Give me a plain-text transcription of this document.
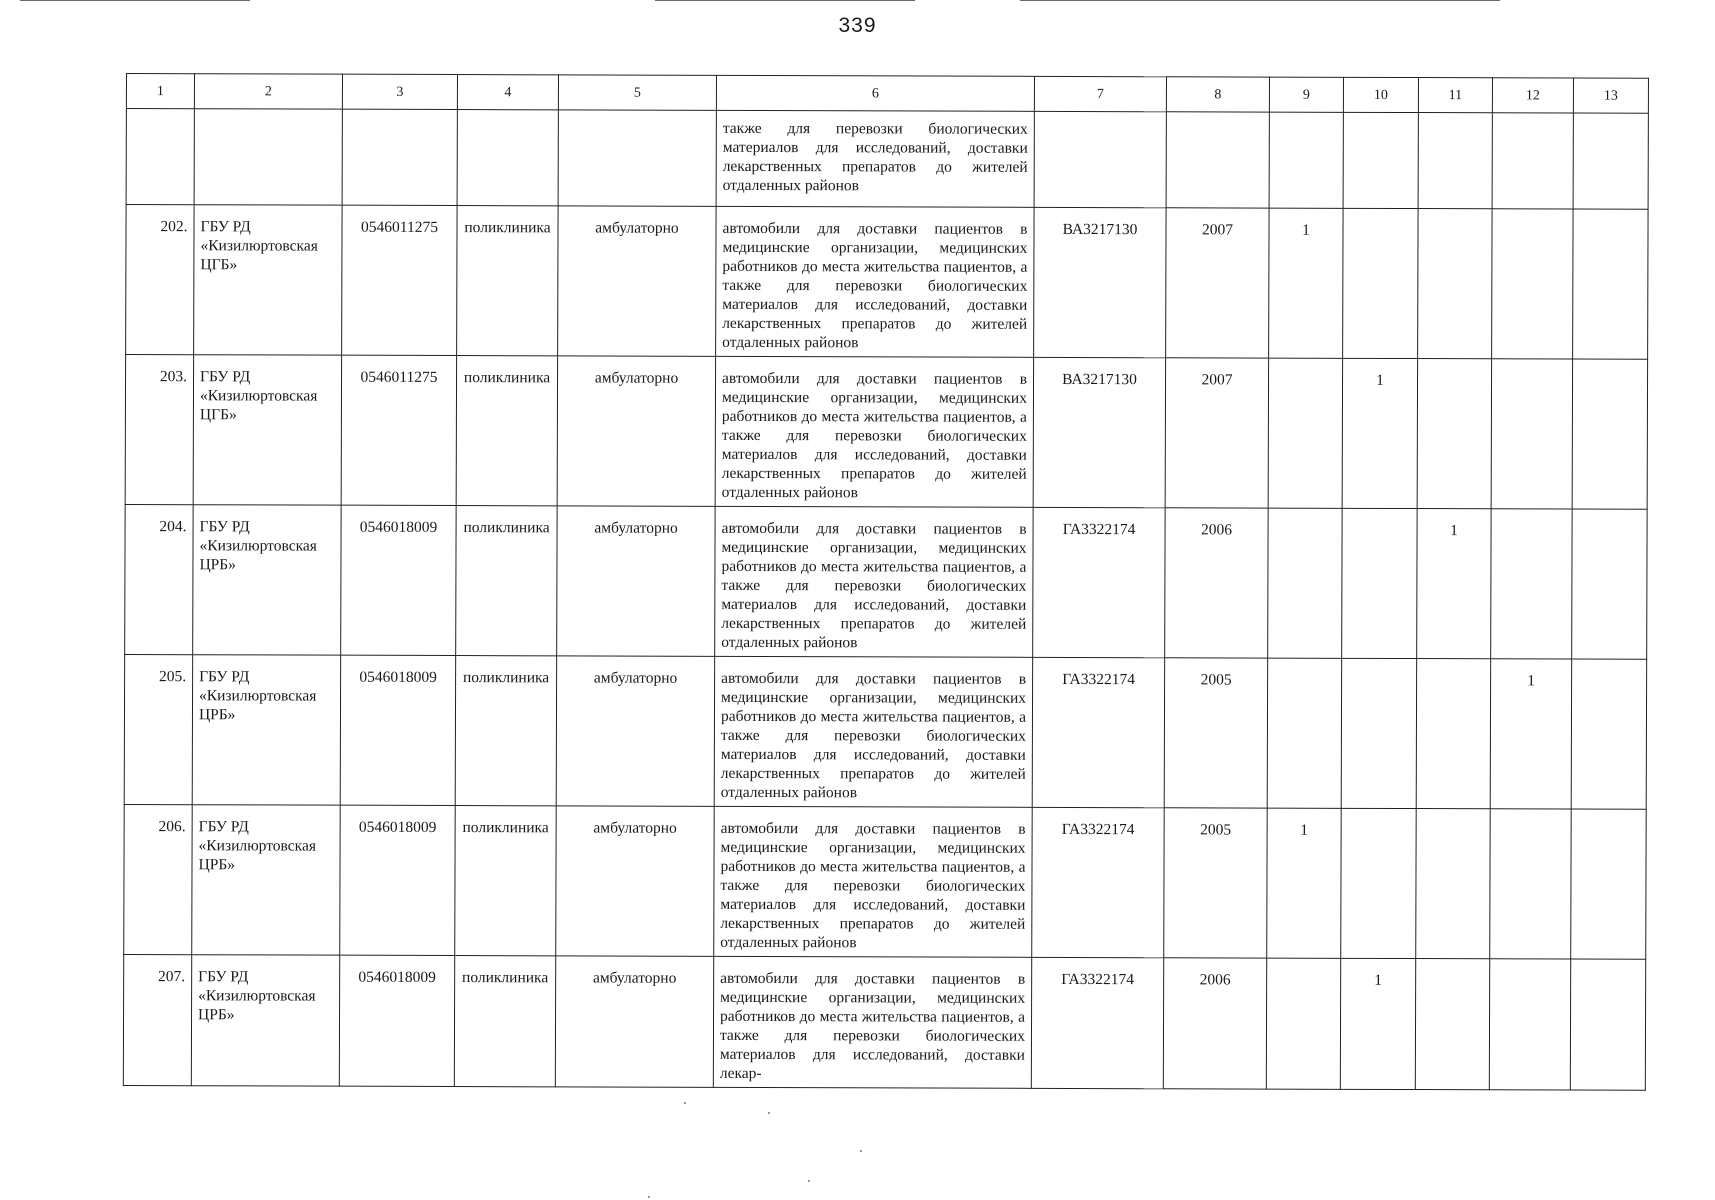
339
1	2	3	4	5	6	7	8	9	10	11	12	13
					также для перевозки биологических материалов для исследований, доставки лекарственных препаратов до жителей отдаленных районов							
202.	ГБУ РД «Кизилюртовская ЦГБ»	0546011275	поликлиника	амбулаторно	автомобили для доставки пациентов в медицинские организации, медицинских работников до места жительства пациентов, а также для перевозки биологических материалов для исследований, доставки лекарственных препаратов до жителей отдаленных районов	ВА3217130	2007	1				
203.	ГБУ РД «Кизилюртовская ЦГБ»	0546011275	поликлиника	амбулаторно	автомобили для доставки пациентов в медицинские организации, медицинских работников до места жительства пациентов, а также для перевозки биологических материалов для исследований, доставки лекарственных препаратов до жителей отдаленных районов	ВА3217130	2007		1			
204.	ГБУ РД «Кизилюртовская ЦРБ»	0546018009	поликлиника	амбулаторно	автомобили для доставки пациентов в медицинские организации, медицинских работников до места жительства пациентов, а также для перевозки биологических материалов для исследований, доставки лекарственных препаратов до жителей отдаленных районов	ГА3322174	2006			1		
205.	ГБУ РД «Кизилюртовская ЦРБ»	0546018009	поликлиника	амбулаторно	автомобили для доставки пациентов в медицинские организации, медицинских работников до места жительства пациентов, а также для перевозки биологических материалов для исследований, доставки лекарственных препаратов до жителей отдаленных районов	ГА3322174	2005				1	
206.	ГБУ РД «Кизилюртовская ЦРБ»	0546018009	поликлиника	амбулаторно	автомобили для доставки пациентов в медицинские организации, медицинских работников до места жительства пациентов, а также для перевозки биологических материалов для исследований, доставки лекарственных препаратов до жителей отдаленных районов	ГА3322174	2005	1				
207.	ГБУ РД «Кизилюртовская ЦРБ»	0546018009	поликлиника	амбулаторно	автомобили для доставки пациентов в медицинские организации, медицинских работников до места жительства пациентов, а также для перевозки биологических материалов для исследований, доставки лекар-	ГА3322174	2006		1			
